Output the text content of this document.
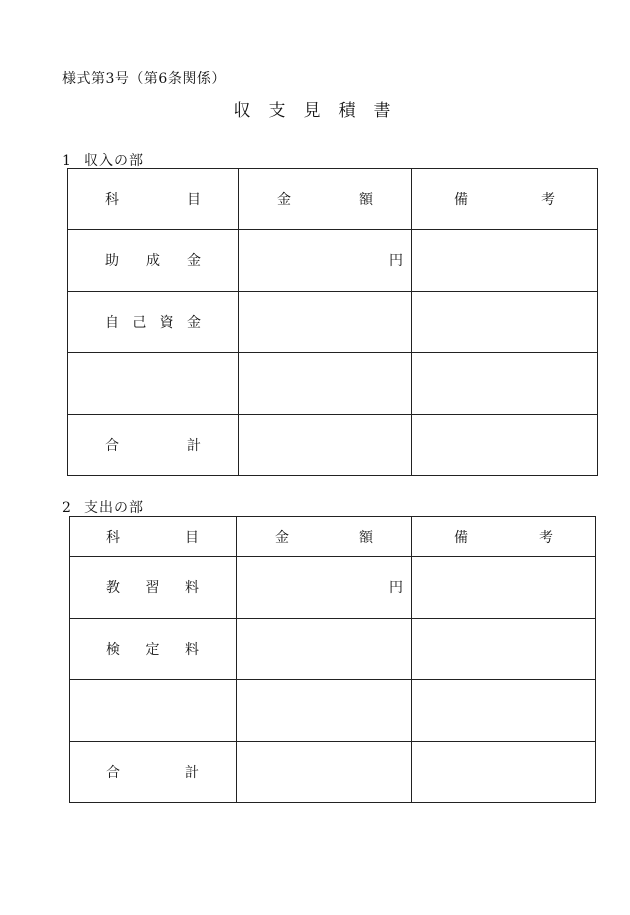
様式第3号（第6条関係）
収支見積書
1 収入の部
科 目	金 額	備 考

助 成 金	円	

自 己 資 金		

合 計		

2 支出の部
科 目	金 額	備 考

教 習 料	円	

検 定 料		

合 計		
